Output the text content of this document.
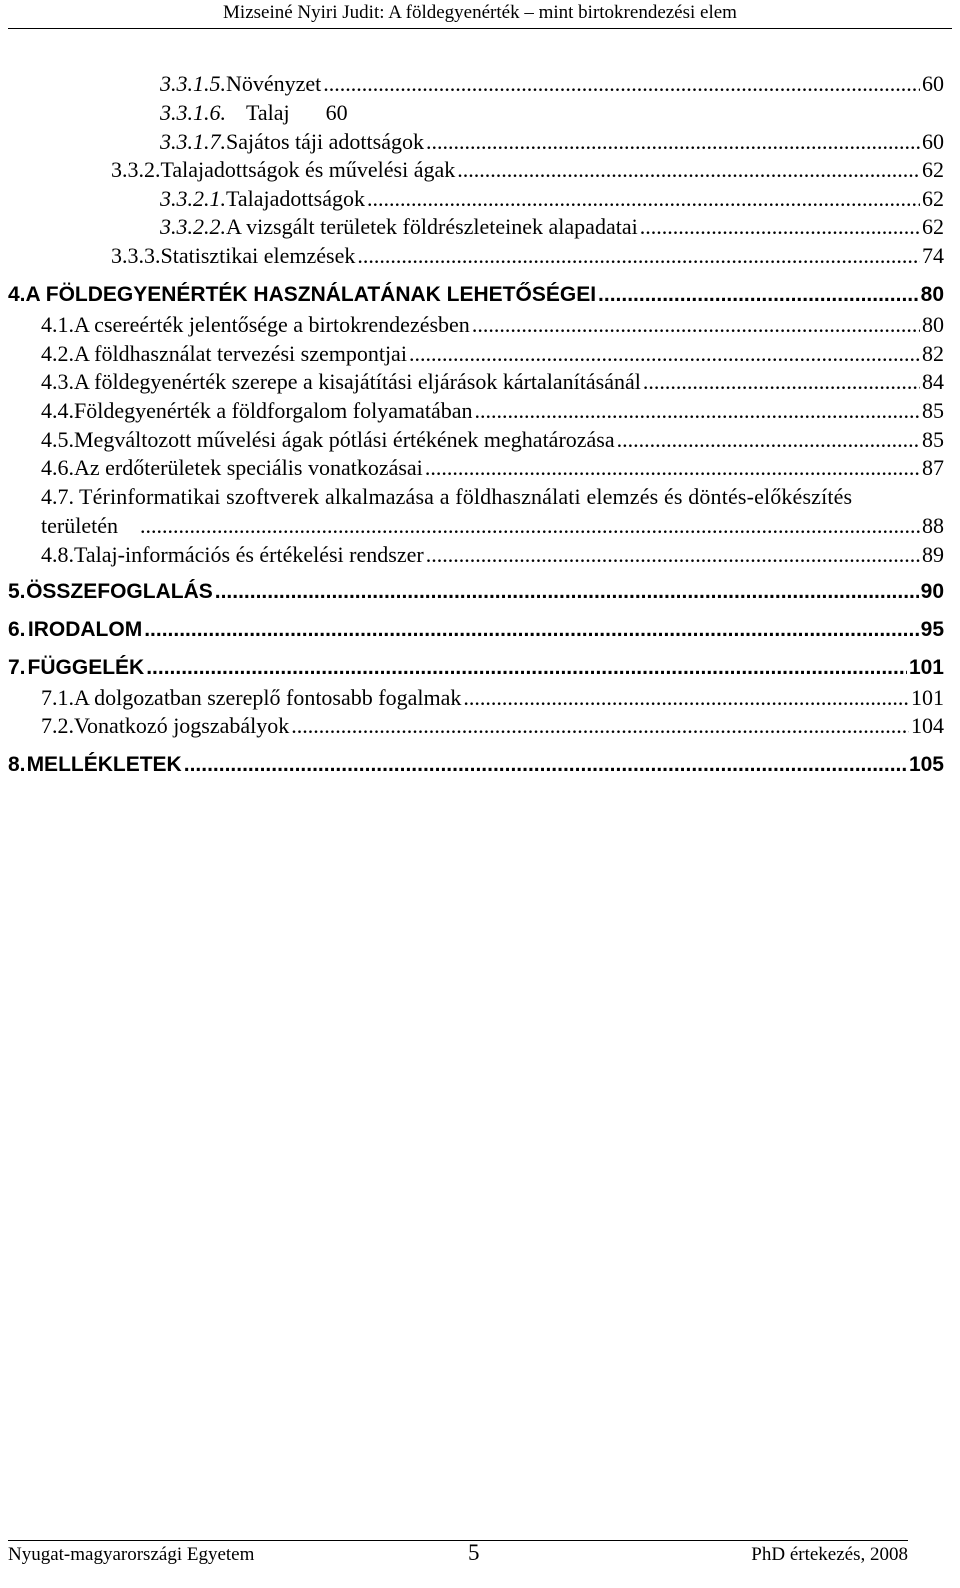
Mizseiné Nyiri Judit: A földegyenérték – mint birtokrendezési elem
3.3.1.5. Növényzet .....	60
3.3.1.6. Talaj 60
3.3.1.7. Sajátos táji adottságok .....	60
3.3.2. Talajadottságok és művelési ágak .....	62
3.3.2.1. Talajadottságok .....	62
3.3.2.2. A vizsgált területek földrészleteinek alapadatai .....	62
3.3.3. Statisztikai elemzések .....	74
4. A FÖLDEGYENÉRTÉK HASZNÁLATÁNAK LEHETŐSÉGEI .....	80
4.1. A csereérték jelentősége a birtokrendezésben .....	80
4.2. A földhasználat tervezési szempontjai .....	82
4.3. A földegyenérték szerepe a kisajátítási eljárások kártalanításánál .....	84
4.4. Földegyenérték a földforgalom folyamatában .....	85
4.5. Megváltozott művelési ágak pótlási értékének meghatározása .....	85
4.6. Az erdőterületek speciális vonatkozásai .....	87
4.7. Térinformatikai szoftverek alkalmazása a földhasználati elemzés és döntés-előkészítés
területén .....	88
4.8. Talaj-információs és értékelési rendszer .....	89
5. ÖSSZEFOGLALÁS .....	90
6. IRODALOM .....	95
7. FÜGGELÉK .....	101
7.1. A dolgozatban szereplő fontosabb fogalmak .....	101
7.2. Vonatkozó jogszabályok .....	104
8. MELLÉKLETEK .....	105
Nyugat-magyarországi Egyetem	5	PhD értekezés, 2008
